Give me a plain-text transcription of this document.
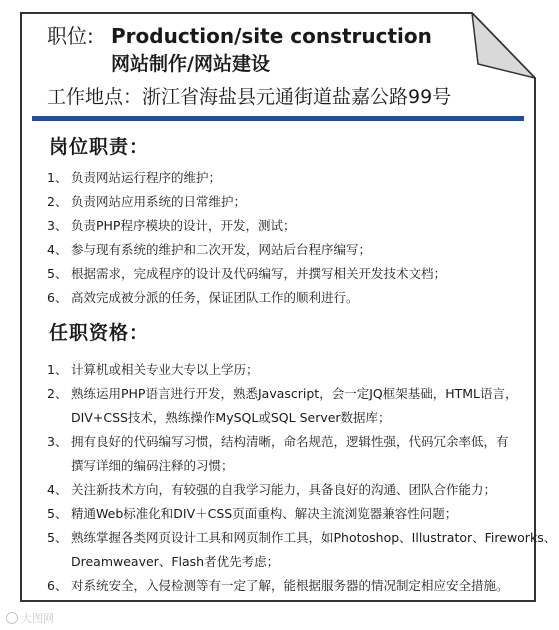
职位: Production/site construction
网站制作/网站建设
工作地点：浙江省海盐县元通街道盐嘉公路99号
岗位职责：
1、 负责网站运行程序的维护；
2、 负责网站应用系统的日常维护；
3、 负责PHP程序模块的设计，开发，测试；
4、 参与现有系统的维护和二次开发，网站后台程序编写；
5、 根据需求，完成程序的设计及代码编写，并撰写相关开发技术文档；
6、 高效完成被分派的任务，保证团队工作的顺利进行。
任职资格：
1、 计算机或相关专业大专以上学历；
2、 熟练运用PHP语言进行开发，熟悉Javascript，会一定JQ框架基础，HTML语言，
DIV+CSS技术，熟练操作MySQL或SQL Server数据库；
3、 拥有良好的代码编写习惯，结构清晰，命名规范，逻辑性强，代码冗余率低，有
撰写详细的编码注释的习惯；
4、 关注新技术方向，有较强的自我学习能力，具备良好的沟通、团队合作能力；
5、 精通Web标准化和DIV＋CSS页面重构、解决主流浏览器兼容性问题；
5、 熟练掌握各类网页设计工具和网页制作工具，如Photoshop、Illustrator、Fireworks、
Dreamweaver、Flash者优先考虑；
6、 对系统安全，入侵检测等有一定了解，能根据服务器的情况制定相应安全措施。
大图网
